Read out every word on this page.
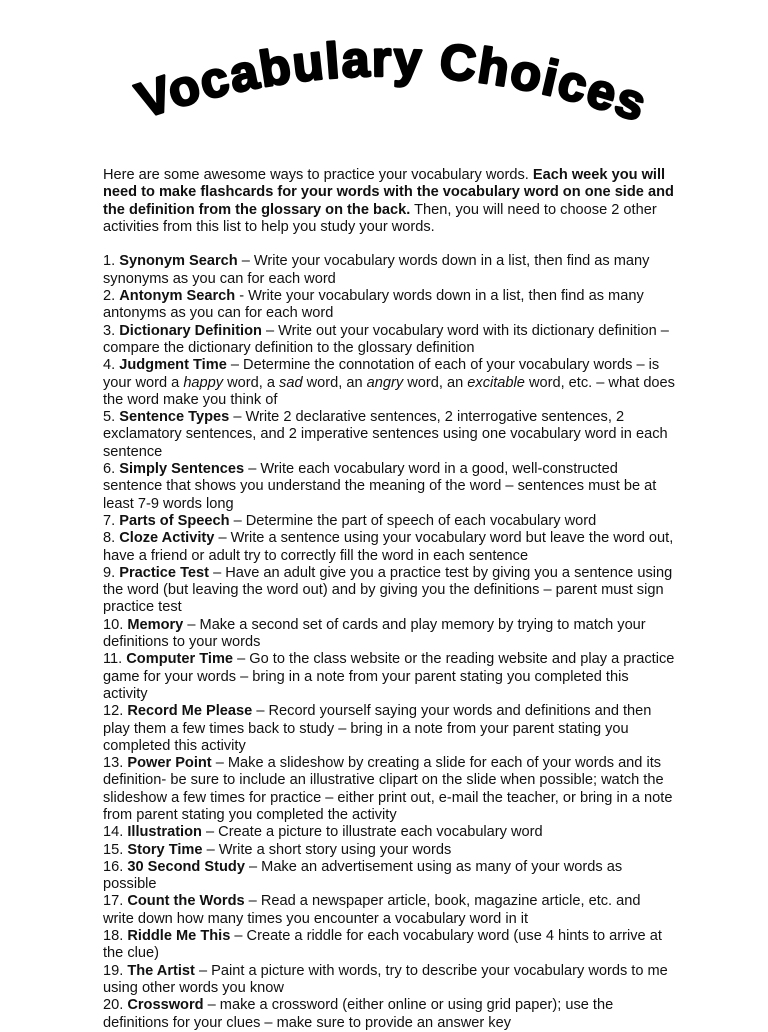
Vocabulary Choices

Here are some awesome ways to practice your vocabulary words. Each week you will need to make flashcards for your words with the vocabulary word on one side and the definition from the glossary on the back. Then, you will need to choose 2 other activities from this list to help you study your words.

1. Synonym Search – Write your vocabulary words down in a list, then find as many synonyms as you can for each word

2. Antonym Search - Write your vocabulary words down in a list, then find as many antonyms as you can for each word

3. Dictionary Definition – Write out your vocabulary word with its dictionary definition – compare the dictionary definition to the glossary definition

4. Judgment Time – Determine the connotation of each of your vocabulary words – is your word a happy word, a sad word, an angry word, an excitable word, etc. – what does the word make you think of

5. Sentence Types – Write 2 declarative sentences, 2 interrogative sentences, 2 exclamatory sentences, and 2 imperative sentences using one vocabulary word in each sentence

6. Simply Sentences – Write each vocabulary word in a good, well-constructed sentence that shows you understand the meaning of the word – sentences must be at least 7-9 words long

7. Parts of Speech – Determine the part of speech of each vocabulary word

8. Cloze Activity – Write a sentence using your vocabulary word but leave the word out, have a friend or adult try to correctly fill the word in each sentence

9. Practice Test – Have an adult give you a practice test by giving you a sentence using the word (but leaving the word out) and by giving you the definitions – parent must sign practice test

10. Memory – Make a second set of cards and play memory by trying to match your definitions to your words

11. Computer Time – Go to the class website or the reading website and play a practice game for your words – bring in a note from your parent stating you completed this activity

12. Record Me Please – Record yourself saying your words and definitions and then play them a few times back to study – bring in a note from your parent stating you completed this activity

13. Power Point – Make a slideshow by creating a slide for each of your words and its definition- be sure to include an illustrative clipart on the slide when possible; watch the slideshow a few times for practice – either print out, e-mail the teacher, or bring in a note from parent stating you completed the activity

14. Illustration – Create a picture to illustrate each vocabulary word

15. Story Time – Write a short story using your words

16. 30 Second Study – Make an advertisement using as many of your words as possible

17. Count the Words – Read a newspaper article, book, magazine article, etc. and write down how many times you encounter a vocabulary word in it

18. Riddle Me This – Create a riddle for each vocabulary word (use 4 hints to arrive at the clue)

19. The Artist – Paint a picture with words, try to describe your vocabulary words to me using other words you know

20. Crossword – make a crossword (either online or using grid paper); use the definitions for your clues – make sure to provide an answer key
